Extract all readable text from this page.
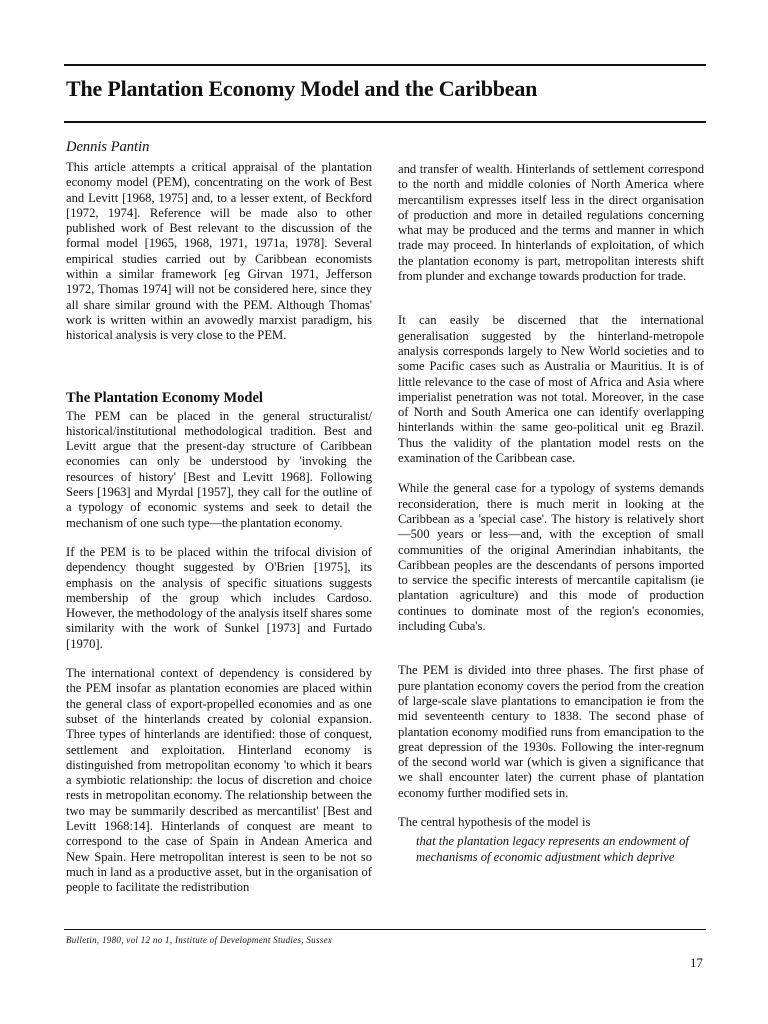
The Plantation Economy Model and the Caribbean

Dennis Pantin

This article attempts a critical appraisal of the plantation economy model (PEM), concentrating on the work of Best and Levitt [1968, 1975] and, to a lesser extent, of Beckford [1972, 1974]. Reference will be made also to other published work of Best relevant to the discussion of the formal model [1965, 1968, 1971, 1971a, 1978]. Several empirical studies carried out by Caribbean economists within a similar framework [eg Girvan 1971, Jefferson 1972, Thomas 1974] will not be considered here, since they all share similar ground with the PEM. Although Thomas' work is written within an avowedly marxist paradigm, his historical analysis is very close to the PEM.

The Plantation Economy Model

The PEM can be placed in the general structuralist/ historical/institutional methodological tradition. Best and Levitt argue that the present-day structure of Caribbean economies can only be understood by 'invoking the resources of history' [Best and Levitt 1968]. Following Seers [1963] and Myrdal [1957], they call for the outline of a typology of economic systems and seek to detail the mechanism of one such type—the plantation economy.

If the PEM is to be placed within the trifocal division of dependency thought suggested by O'Brien [1975], its emphasis on the analysis of specific situations suggests membership of the group which includes Cardoso. However, the methodology of the analysis itself shares some similarity with the work of Sunkel [1973] and Furtado [1970].

The international context of dependency is considered by the PEM insofar as plantation economies are placed within the general class of export-propelled economies and as one subset of the hinterlands created by colonial expansion. Three types of hinterlands are identified: those of conquest, settlement and exploitation. Hinterland economy is distinguished from metropolitan economy 'to which it bears a symbiotic relationship: the locus of discretion and choice rests in metropolitan economy. The relationship between the two may be summarily described as mercantilist' [Best and Levitt 1968:14]. Hinterlands of conquest are meant to correspond to the case of Spain in Andean America and New Spain. Here metropolitan interest is seen to be not so much in land as a productive asset, but in the organisation of people to facilitate the redistribution

and transfer of wealth. Hinterlands of settlement correspond to the north and middle colonies of North America where mercantilism expresses itself less in the direct organisation of production and more in detailed regulations concerning what may be produced and the terms and manner in which trade may proceed. In hinterlands of exploitation, of which the plantation economy is part, metropolitan interests shift from plunder and exchange towards production for trade.

It can easily be discerned that the international generalisation suggested by the hinterland-metropole analysis corresponds largely to New World societies and to some Pacific cases such as Australia or Mauritius. It is of little relevance to the case of most of Africa and Asia where imperialist penetration was not total. Moreover, in the case of North and South America one can identify overlapping hinterlands within the same geo-political unit eg Brazil. Thus the validity of the plantation model rests on the examination of the Caribbean case.

While the general case for a typology of systems demands reconsideration, there is much merit in looking at the Caribbean as a 'special case'. The history is relatively short—500 years or less—and, with the exception of small communities of the original Amerindian inhabitants, the Caribbean peoples are the descendants of persons imported to service the specific interests of mercantile capitalism (ie plantation agriculture) and this mode of production continues to dominate most of the region's economies, including Cuba's.

The PEM is divided into three phases. The first phase of pure plantation economy covers the period from the creation of large-scale slave plantations to emancipation ie from the mid seventeenth century to 1838. The second phase of plantation economy modified runs from emancipation to the great depression of the 1930s. Following the inter-regnum of the second world war (which is given a significance that we shall encounter later) the current phase of plantation economy further modified sets in.

The central hypothesis of the model is

that the plantation legacy represents an endowment of mechanisms of economic adjustment which deprive

Bulletin, 1980, vol 12 no 1, Institute of Development Studies, Sussex

17
